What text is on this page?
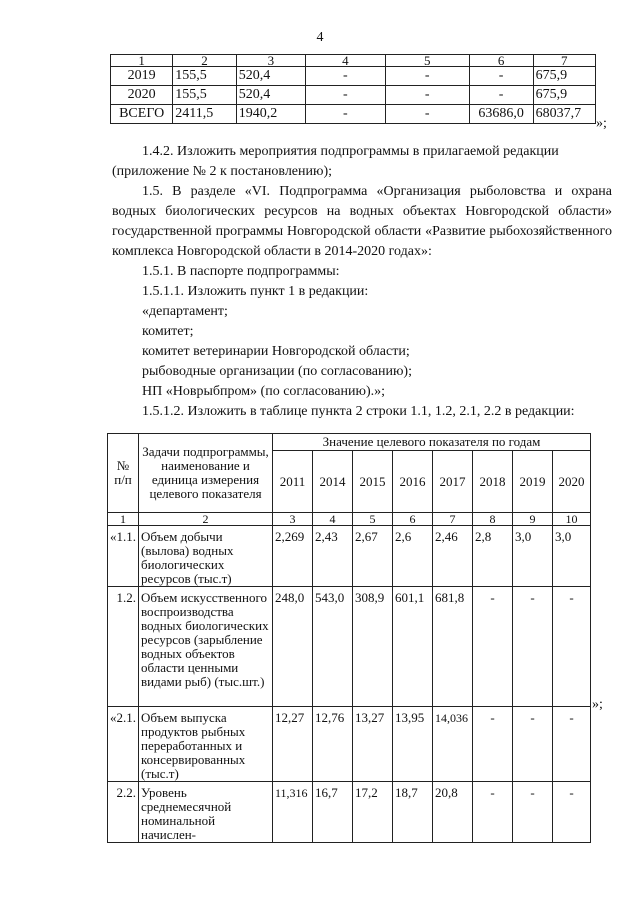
4
1	2	3	4	5	6	7
2019	155,5	520,4	-	-	-	675,9
2020	155,5	520,4	-	-	-	675,9
ВСЕГО	2411,5	1940,2	-	-	63686,0	68037,7
»;
1.4.2. Изложить мероприятия подпрограммы в прилагаемой редакции (приложение № 2 к постановлению);
1.5. В разделе «VI. Подпрограмма «Организация рыболовства и охрана водных биологических ресурсов на водных объектах Новгородской области» государственной программы Новгородской области «Развитие рыбохозяйственного комплекса Новгородской области в 2014-2020 годах»:
1.5.1. В паспорте подпрограммы:
1.5.1.1. Изложить пункт 1 в редакции:
«департамент;
комитет;
комитет ветеринарии Новгородской области;
рыбоводные организации (по согласованию);
НП «Новрыбпром» (по согласованию).»;
1.5.1.2. Изложить в таблице пункта 2 строки 1.1, 1.2, 2.1, 2.2 в редакции:
№ п/п	Задачи подпрограммы, наименование и единица измерения целевого показателя	Значение целевого показателя по годам							
		2011	2014	2015	2016	2017	2018	2019	2020
1	2	3	4	5	6	7	8	9	10
«1.1.	Объем добычи (вылова) водных биологических ресурсов (тыс.т)	2,269	2,43	2,67	2,6	2,46	2,8	3,0	3,0
1.2.	Объем искусственного воспроизводства водных биологических ресурсов (зарыбление водных объектов области ценными видами рыб) (тыс.шт.)	248,0	543,0	308,9	601,1	681,8	-	-	-
«2.1.	Объем выпуска продуктов рыбных переработанных и консервированных (тыс.т)	12,27	12,76	13,27	13,95	14,036	-	-	-
2.2.	Уровень среднемесячной номинальной начислен-	11,316	16,7	17,2	18,7	20,8	-	-	-
»;
